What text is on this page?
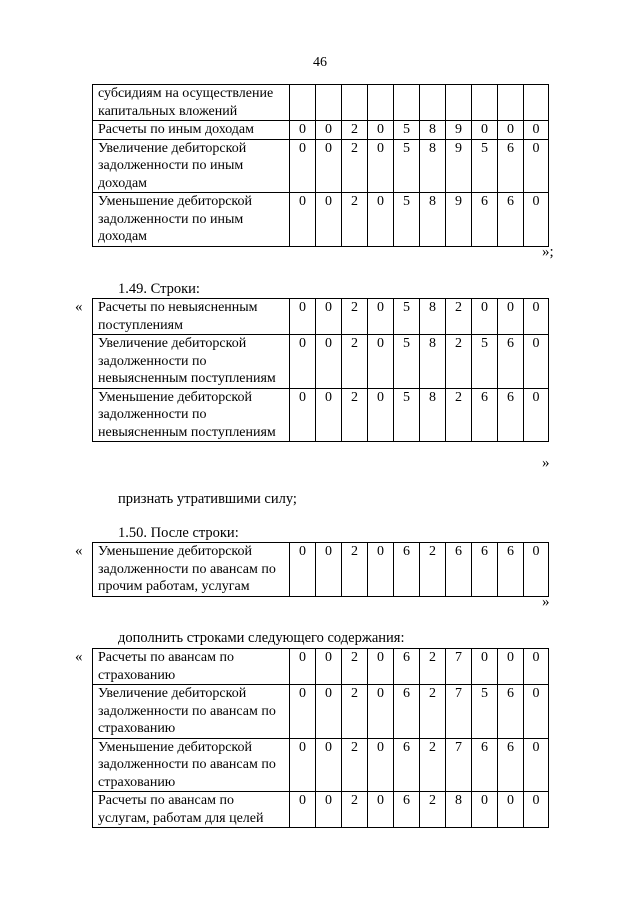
46
субсидиям на осуществление капитальных вложений										
Расчеты по иным доходам	0	0	2	0	5	8	9	0	0	0
Увеличение дебиторской задолженности по иным доходам	0	0	2	0	5	8	9	5	6	0
Уменьшение дебиторской задолженности по иным доходам	0	0	2	0	5	8	9	6	6	0
»;
1.49. Строки:
« Расчеты по невыясненным поступлениям	0	0	2	0	5	8	2	0	0	0
Увеличение дебиторской задолженности по невыясненным поступлениям	0	0	2	0	5	8	2	5	6	0
Уменьшение дебиторской задолженности по невыясненным поступлениям	0	0	2	0	5	8	2	6	6	0
»
признать утратившими силу;
1.50. После строки:
« Уменьшение дебиторской задолженности по авансам по прочим работам, услугам	0	0	2	0	6	2	6	6	6	0
»
дополнить строками следующего содержания:
« Расчеты по авансам по страхованию	0	0	2	0	6	2	7	0	0	0
Увеличение дебиторской задолженности по авансам по страхованию	0	0	2	0	6	2	7	5	6	0
Уменьшение дебиторской задолженности по авансам по страхованию	0	0	2	0	6	2	7	6	6	0
Расчеты по авансам по услугам, работам для целей	0	0	2	0	6	2	8	0	0	0
